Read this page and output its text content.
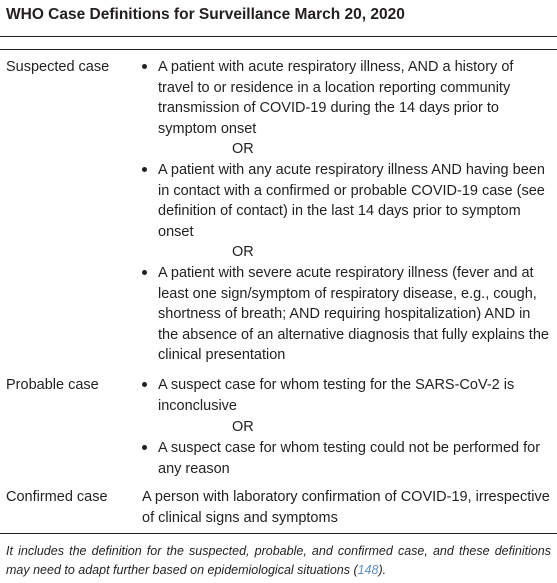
WHO Case Definitions for Surveillance March 20, 2020
Suspected case	A patient with acute respiratory illness, AND a history of travel to or residence in a location reporting community transmission of COVID-19 during the 14 days prior to symptom onset
OR
A patient with any acute respiratory illness AND having been in contact with a confirmed or probable COVID-19 case (see definition of contact) in the last 14 days prior to symptom onset
OR
A patient with severe acute respiratory illness (fever and at least one sign/symptom of respiratory disease, e.g., cough, shortness of breath; AND requiring hospitalization) AND in the absence of an alternative diagnosis that fully explains the clinical presentation
Probable case	A suspect case for whom testing for the SARS-CoV-2 is inconclusive
OR
A suspect case for whom testing could not be performed for any reason
Confirmed case A person with laboratory confirmation of COVID-19, irrespective of clinical signs and symptoms
It includes the definition for the suspected, probable, and confirmed case, and these definitions may need to adapt further based on epidemiological situations (148).
